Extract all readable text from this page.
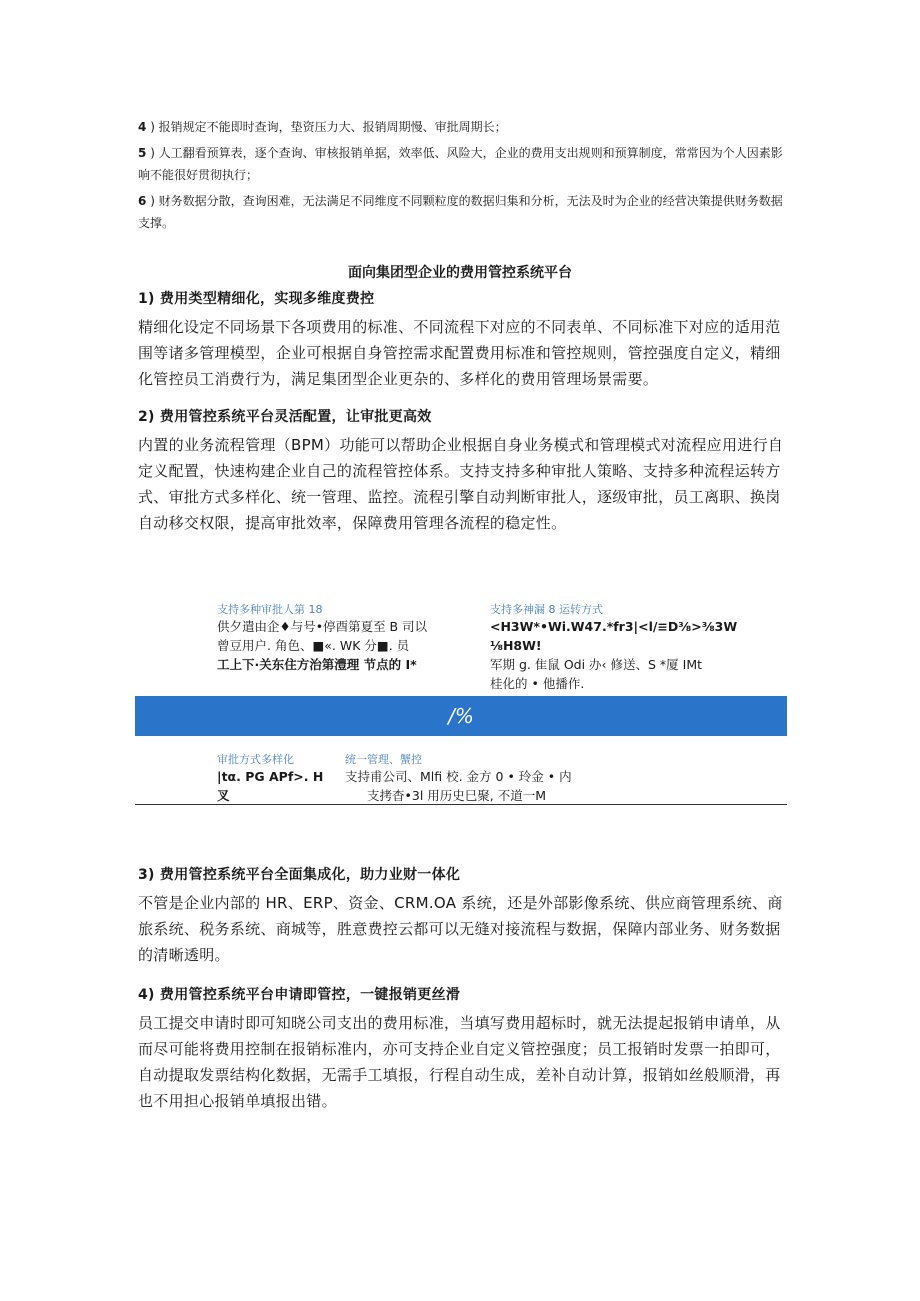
4 ) 报销规定不能即时查询，垫资压力大、报销周期慢、审批周期长；

5 ) 人工翻看预算表，逐个查询、审核报销单据，效率低、风险大，企业的费用支出规则和预算制度，常常因为个人因素影响不能很好贯彻执行；

6 ) 财务数据分散，查询困难，无法满足不同维度不同颗粒度的数据归集和分析，无法及时为企业的经营决策提供财务数据支撑。

面向集团型企业的费用管控系统平台
1) 费用类型精细化，实现多维度费控

精细化设定不同场景下各项费用的标准、不同流程下对应的不同表单、不同标准下对应的适用范围等诸多管理模型，企业可根据自身管控需求配置费用标准和管控规则，管控强度自定义，精细化管控员工消费行为，满足集团型企业更杂的、多样化的费用管理场景需要。

2) 费用管控系统平台灵活配置，让审批更高效

内置的业务流程管理（BPM）功能可以帮助企业根据自身业务模式和管理模式对流程应用进行自定义配置，快速构建企业自己的流程管控体系。支持支持多种审批人策略、支持多种流程运转方式、审批方式多样化、统一管理、监控。流程引擎自动判断审批人，逐级审批，员工离职、换岗自动移交权限，提高审批效率，保障费用管理各流程的稳定性。

支持多种审批人第 18
供夕遣由企♦与号•停酉第夏至 B 司以
曾豆用户. 角色、■«. WK 分■. 员
工上下·关东住方治第澧理 节点的 I*
支持多神漏 8 运转方式
<H3W*•Wi.W47.*fr3|<l/≡D⅜>⅜3W
⅛H8W!
军期 g. 隹鼠 Odi 办‹ 修送、S *厦 IMt
桂化的 • 他播作.
/%
审批方式多样化
|tα. PG APf>. H 叉
统一管理、蟹控
支持甫公司、Mlfi 校. 金方 0 • 玲金 • 内
支拷杳•3l 用历史巳聚, 不道一M
3) 费用管控系统平台全面集成化，助力业财一体化

不管是企业内部的 HR、ERP、资金、CRM.OA 系统，还是外部影像系统、供应商管理系统、商旅系统、税务系统、商城等，胜意费控云都可以无缝对接流程与数据，保障内部业务、财务数据的清晰透明。

4) 费用管控系统平台申请即管控，一键报销更丝滑

员工提交申请时即可知晓公司支出的费用标准，当填写费用超标时，就无法提起报销申请单，从而尽可能将费用控制在报销标准内，亦可支持企业自定义管控强度；员工报销时发票一拍即可，自动提取发票结构化数据，无需手工填报，行程自动生成，差补自动计算，报销如丝般顺滑，再也不用担心报销单填报出错。
